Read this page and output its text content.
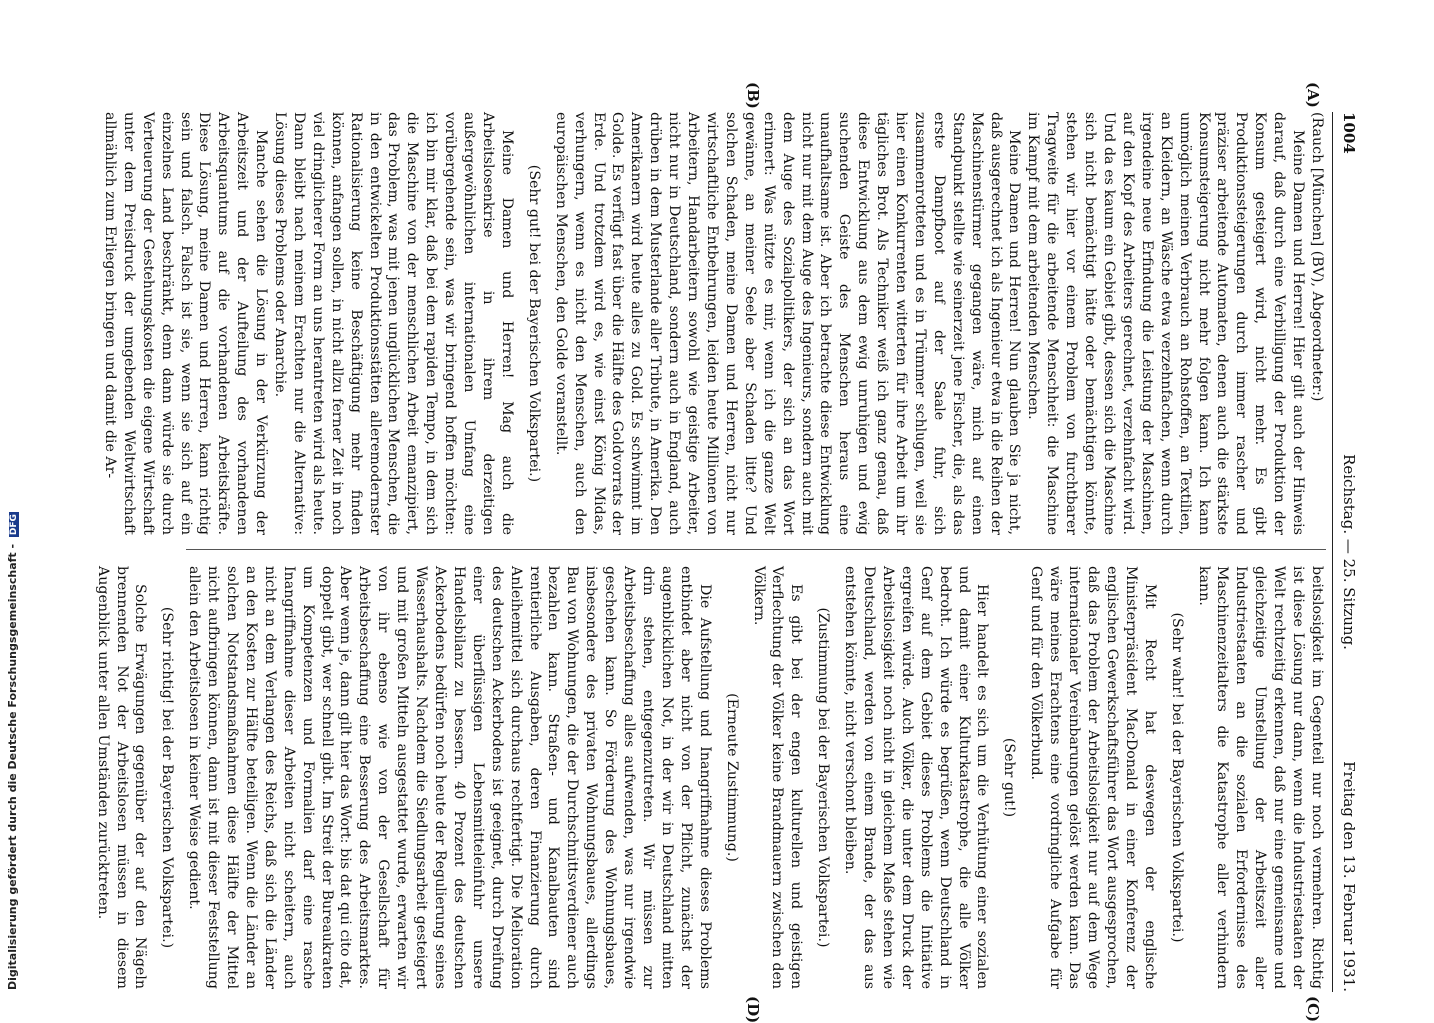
1004
Reichstag. — 25. Sitzung.
Freitag den 13. Februar 1931.
(A)
(B)
(C)
(D)

(Rauch [München] (BV), Abgeordneter:)

Meine Damen und Herren! Hier gilt auch der Hinweis darauf, daß durch eine Verbilligung der Produktion der Konsum gesteigert wird, nicht mehr. Es gibt Produktionssteigerungen durch immer rascher und präziser arbeitende Automaten, denen auch die stärkste Konsumsteigerung nicht mehr folgen kann. Ich kann unmöglich meinen Verbrauch an Rohstoffen, an Textilien, an Kleidern, an Wäsche etwa verzehnfachen, wenn durch irgendeine neue Erfindung die Leistung der Maschinen, auf den Kopf des Arbeiters gerechnet, verzehnfacht wird. Und da es kaum ein Gebiet gibt, dessen sich die Maschine sich nicht bemächtigt hätte oder bemächtigen könnte, stehen wir hier vor einem Problem von furchtbarer Tragweite für die arbeitende Menschheit: die Maschine im Kampf mit dem arbeitenden Menschen.

Meine Damen und Herren! Nun glauben Sie ja nicht, daß ausgerechnet ich als Ingenieur etwa in die Reihen der Maschinenstürmer gegangen wäre, mich auf einen Standpunkt stellte wie seinerzeit jene Fischer, die, als das erste Dampfboot auf der Saale fuhr, sich zusammenrotteten und es in Trümmer schlugen, weil sie hier einen Konkurrenten witterten für ihre Arbeit um ihr tägliches Brot. Als Techniker weiß ich ganz genau, daß diese Entwicklung aus dem ewig unruhigen und ewig suchenden Geiste des Menschen heraus eine unaufhaltsame ist. Aber ich betrachte diese Entwicklung nicht nur mit dem Auge des Ingenieurs, sondern auch mit dem Auge des Sozialpolitikers, der sich an das Wort erinnert: Was nützte es mir, wenn ich die ganze Welt gewänne, an meiner Seele aber Schaden litte? Und solchen Schaden, meine Damen und Herren, nicht nur wirtschaftliche Entbehrungen, leiden heute Millionen von Arbeitern, Handarbeitern sowohl wie geistige Arbeiter, nicht nur in Deutschland, sondern auch in England, auch drüben in dem Musterlande aller Tribute, in Amerika. Den Amerikanern wird heute alles zu Gold. Es schwimmt im Golde. Es verfügt fast über die Hälfte des Goldvorrats der Erde. Und trotzdem wird es, wie einst König Midas, verhungern, wenn es nicht den Menschen, auch den europäischen Menschen, den Golde voranstellt.

(Sehr gut! bei der Bayerischen Volkspartei.)

Meine Damen und Herren! Mag auch die Arbeitslosenkrise in ihrem derzeitigen außergewöhnlichen internationalen Umfang eine vorübergehende sein, was wir bringend hoffen möchten: ich bin mir klar, daß bei dem rapiden Tempo, in dem sich die Maschine von der menschlichen Arbeit emanzipiert, das Problem, was mit jenen unglücklichen Menschen, die in den entwickelten Produktionsstätten alleremodernster Rationalisierung keine Beschäftigung mehr finden können, anfangen sollen, in nicht allzu ferner Zeit in noch viel dringlicherer Form an uns herantreten wird als heute. Dann bleibt nach meinem Erachten nur die Alternative: Lösung dieses Problems oder Anarchie.

Manche sehen die Lösung in der Verkürzung der Arbeitszeit und der Aufteilung des vorhandenen Arbeitsquantums auf die vorhandenen Arbeitskräfte. Diese Lösung, meine Damen und Herren, kann richtig sein und falsch. Falsch ist sie, wenn sie sich auf ein einzelnes Land beschränkt, denn dann würde sie durch Verteuerung der Gestehungskosten die eigene Wirtschaft unter dem Preisdruck der umgebenden Weltwirtschaft allmählich zum Erliegen bringen und damit die Ar-

beitslosigkeit im Gegenteil nur noch vermehren. Richtig ist diese Lösung nur dann, wenn die Industriestaaten der Welt rechtzeitig erkennen, daß nur eine gemeinsame und gleichzeitige Umstellung der Arbeitszeit aller Industriestaaten an die sozialen Erfordernisse des Maschinenzeitalters die Katastrophe aller verhindern kann.

(Sehr wahr! bei der Bayerischen Volkspartei.)

Mit Recht hat deswegen der englische Ministerpräsident MacDonald in einer Konferenz der englischen Gewerkschaftsführer das Wort ausgesprochen, daß das Problem der Arbeitslosigkeit nur auf dem Wege internationaler Vereinbarungen gelöst werden kann. Das wäre meines Erachtens eine vordringliche Aufgabe für Genf und für den Völkerbund.

(Sehr gut!)

Hier handelt es sich um die Verhütung einer sozialen und damit einer Kulturkatastrophe, die alle Völker bedroht. Ich würde es begrüßen, wenn Deutschland in Genf auf dem Gebiet dieses Problems die Initiative ergreifen würde. Auch Völker, die unter dem Druck der Arbeitslosigkeit noch nicht in gleichem Maße stehen wie Deutschland, werden von einem Brande, der das aus entstehen könnte, nicht verschont bleiben.

(Zustimmung bei der Bayerischen Volkspartei.)

Es gibt bei der engen kulturellen und geistigen Verflechtung der Völker keine Brandmauern zwischen den Völkern.

(Erneute Zustimmung.)

Die Aufstellung und Inangriffnahme dieses Problems entbindet aber nicht von der Pflicht, zunächst der augenblicklichen Not, in der wir in Deutschland mitten drin stehen, entgegenzutreten. Wir müssen zur Arbeitsbeschaffung alles aufwenden, was nur irgendwie geschehen kann. So Förderung des Wohnungsbaues, insbesondere des privaten Wohnungsbaues, allerdings Bau von Wohnungen, die der Durchschnittsverdiener auch bezahlen kann. Straßen- und Kanalbauten sind rentierliche Ausgaben, deren Finanzierung durch Anleihemittel sich durchaus rechtfertigt. Die Melioration des deutschen Ackerbodens ist geeignet, durch Dreifung einer überflüssigen Lebensmitteleinfuhr unsere Handelsbilanz zu bessern. 40 Prozent des deutschen Ackerbodens bedürfen noch heute der Regulierung seines Wasserhaushalts. Nachdem die Siedlungsarbeit gesteigert und mit großen Mitteln ausgestattet wurde, erwarten wir von ihr ebenso wie von der Gesellschaft für Arbeitsbeschaffung eine Besserung des Arbeitsmarktes. Aber wenn je, dann gilt hier das Wort: bis dat qui cito dat, doppelt gibt, wer schnell gibt. Im Streit der Bureaukraten um Kompetenzen und Formalien darf eine rasche Inangriffnahme dieser Arbeiten nicht scheitern, auch nicht an dem Verlangen des Reichs, daß sich die Länder an den Kosten zur Hälfte beteiligen. Wenn die Länder an solchen Notstandsmaßnahmen diese Hälfte der Mittel nicht aufbringen können, dann ist mit dieser Feststellung allein den Arbeitslosen in keiner Weise gedient.

(Sehr richtig! bei der Bayerischen Volkspartei.)

Solche Erwägungen gegenüber der auf den Nägeln brennenden Not der Arbeitslosen müssen in diesem Augenblick unter allen Umständen zurücktreten.

Digitalisierung gefördert durch die Deutsche Forschungsgemeinschaft - DFG
